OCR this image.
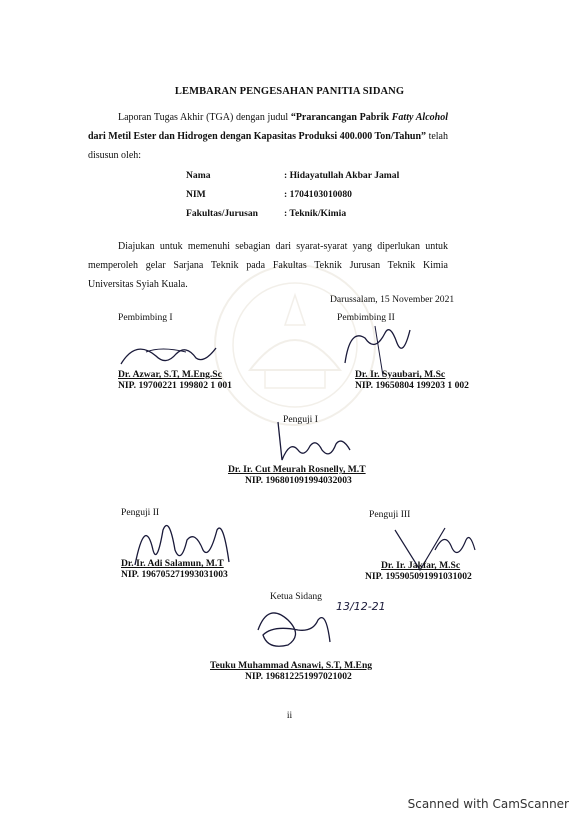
LEMBARAN PENGESAHAN PANITIA SIDANG
Laporan Tugas Akhir (TGA) dengan judul “Prarancangan Pabrik Fatty Alcohol dari Metil Ester dan Hidrogen dengan Kapasitas Produksi 400.000 Ton/Tahun” telah disusun oleh:
Nama	: Hidayatullah Akbar Jamal
NIM	: 1704103010080
Fakultas/Jurusan	: Teknik/Kimia
Diajukan untuk memenuhi sebagian dari syarat-syarat yang diperlukan untuk memperoleh gelar Sarjana Teknik pada Fakultas Teknik Jurusan Teknik Kimia Universitas Syiah Kuala.
Darussalam, 15 November 2021
Pembimbing I
Dr. Azwar, S.T, M.Eng.Sc
NIP. 19700221 199802 1 001
Pembimbing II
Dr. Ir. Syaubari, M.Sc
NIP. 19650804 199203 1 002
Penguji I
Dr. Ir. Cut Meurah Rosnelly, M.T
NIP. 196801091994032003
Penguji II
Dr. Ir. Adi Salamun, M.T
NIP. 196705271993031003
Penguji III
Dr. Ir. Jakfar, M.Sc
NIP. 195905091991031002
Ketua Sidang
13/12-21
Teuku Muhammad Asnawi, S.T, M.Eng
NIP. 196812251997021002
ii
Scanned with CamScanner
